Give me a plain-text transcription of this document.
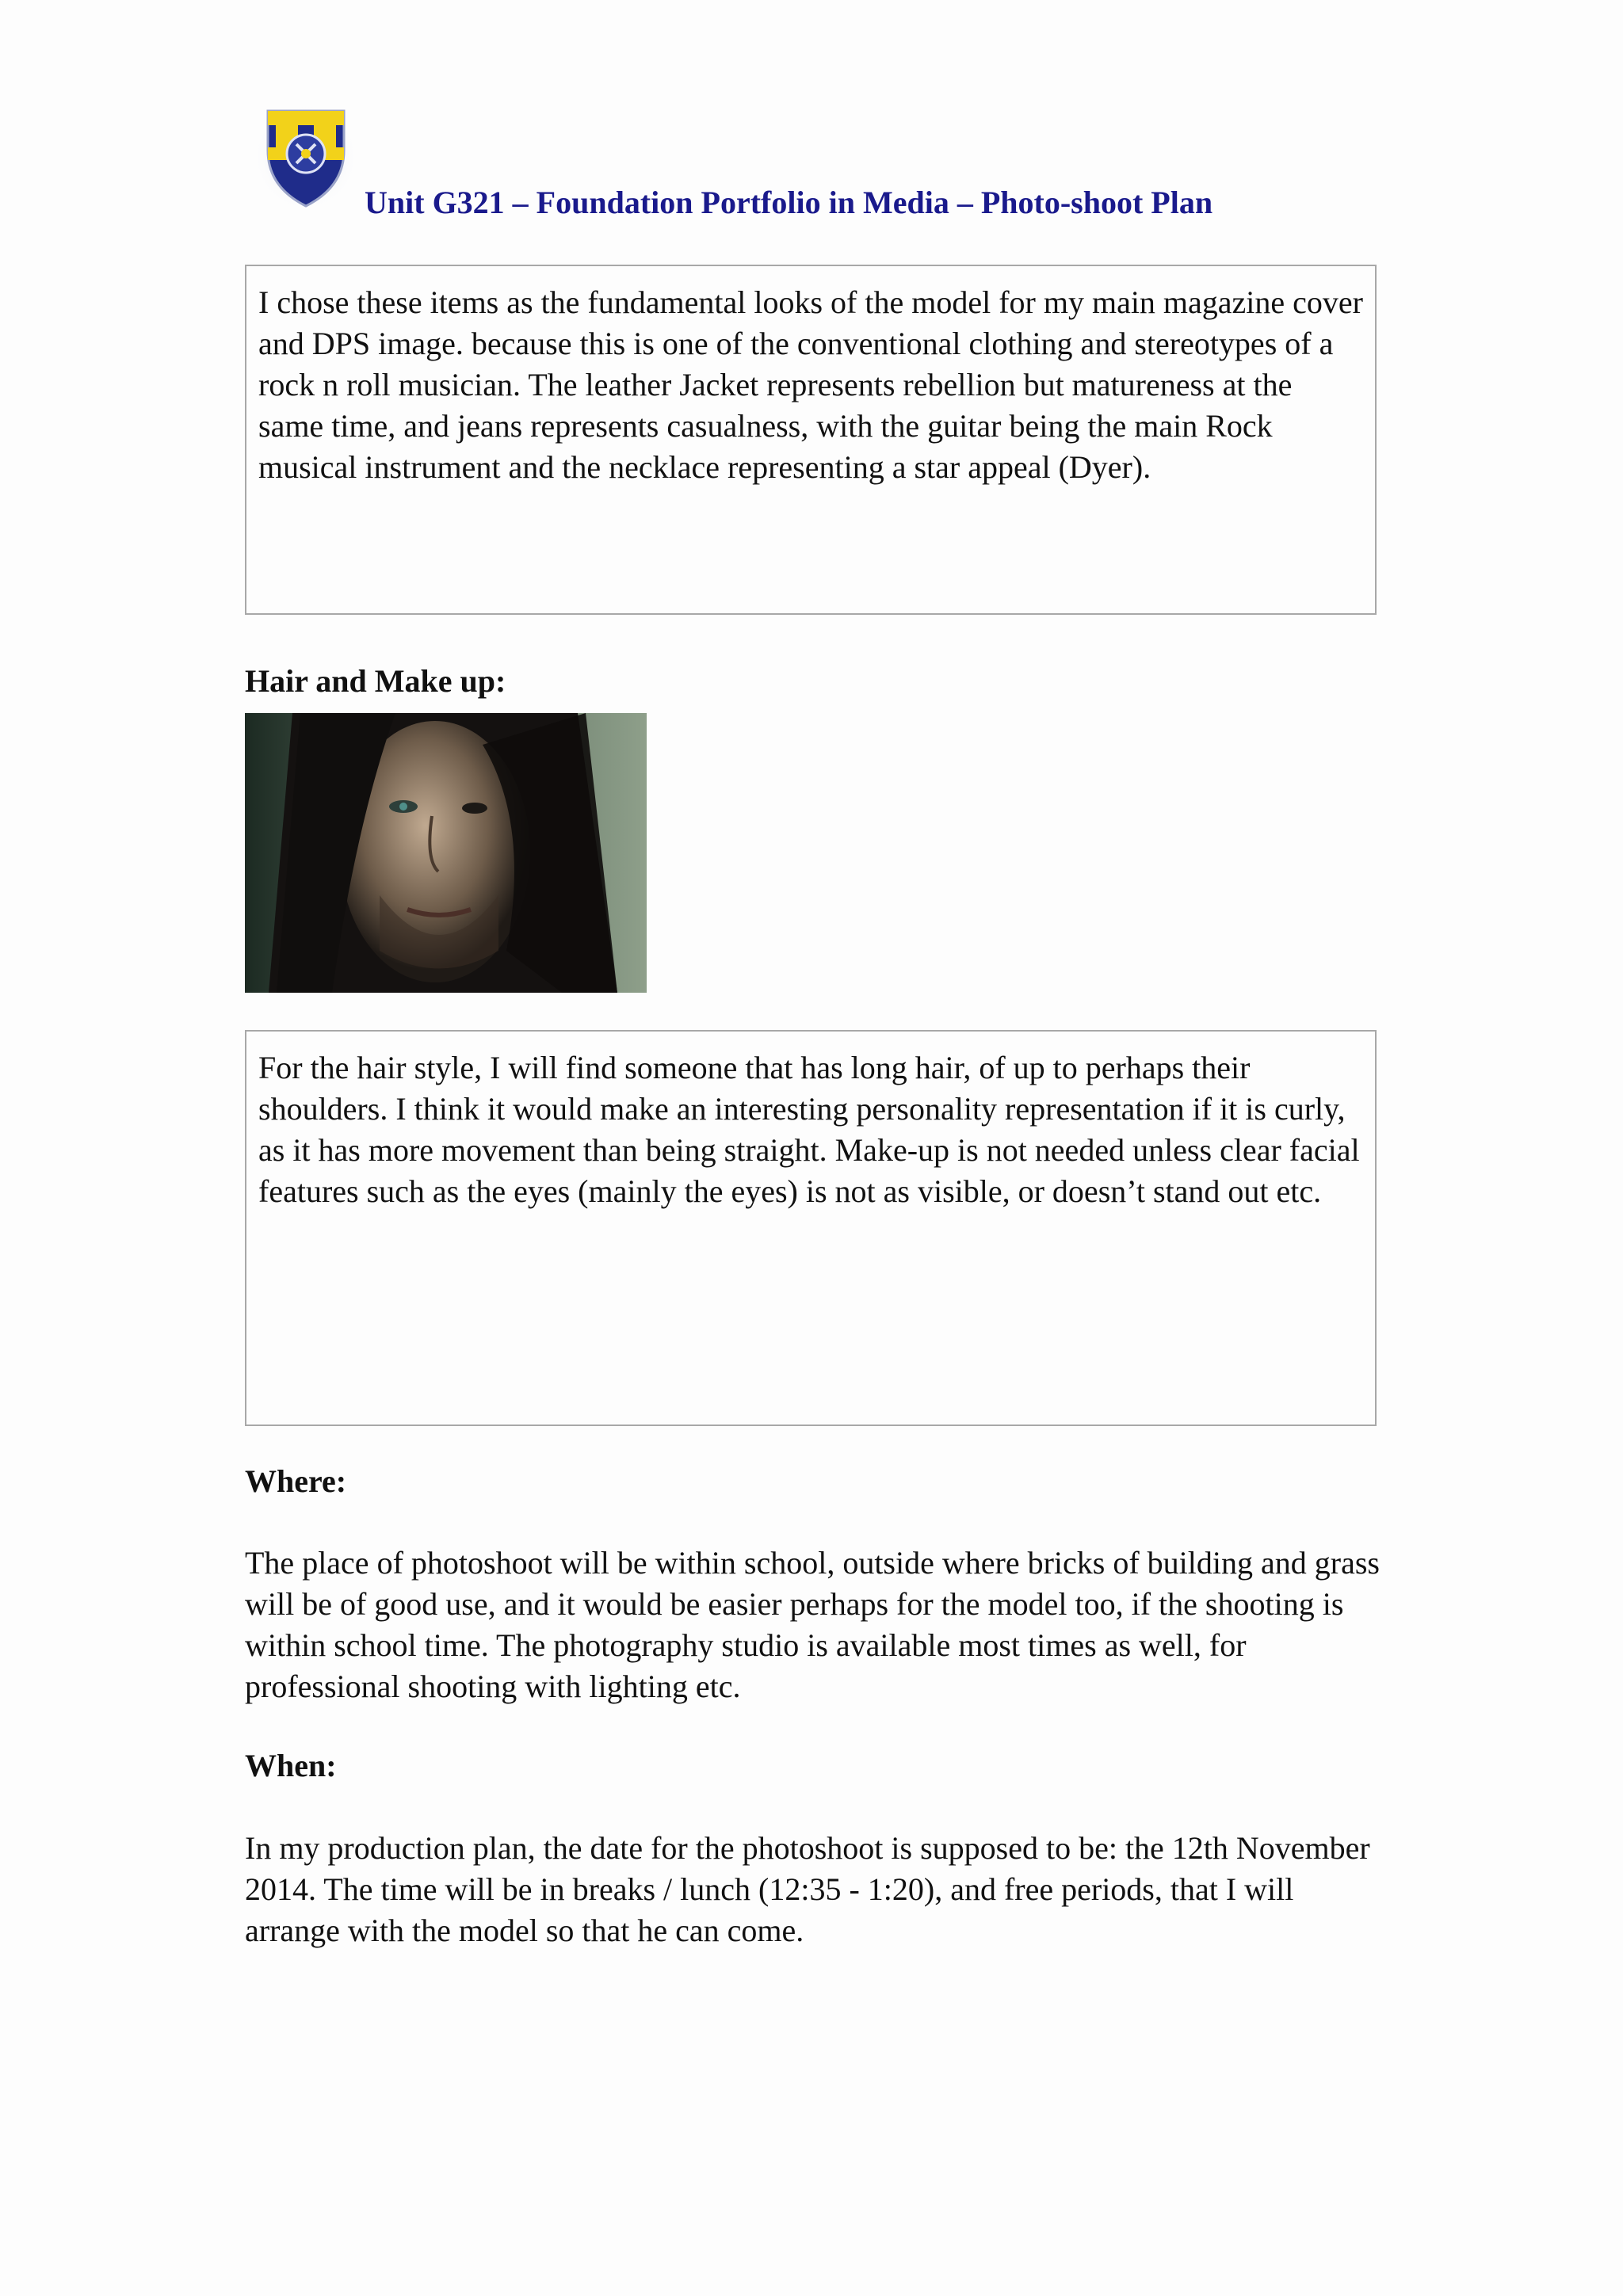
Unit G321 – Foundation Portfolio in Media – Photo-shoot Plan

I chose these items as the fundamental looks of the model for my main magazine cover and DPS image. because this is one of the conventional clothing and stereotypes of a rock n roll musician. The leather Jacket represents rebellion but matureness at the same time, and jeans represents casualness, with the guitar being the main Rock musical instrument and the necklace representing a star appeal (Dyer).

Hair and Make up:

For the hair style, I will find someone that has long hair, of up to perhaps their shoulders. I think it would make an interesting personality representation if it is curly, as it has more movement than being straight. Make-up is not needed unless clear facial features such as the eyes (mainly the eyes) is not as visible, or doesn’t stand out etc.

Where:

The place of photoshoot will be within school, outside where bricks of building and grass will be of good use, and it would be easier perhaps for the model too, if the shooting is within school time. The photography studio is available most times as well, for professional shooting with lighting etc.

When:

In my production plan, the date for the photoshoot is supposed to be: the 12th November 2014. The time will be in breaks / lunch (12:35 - 1:20), and free periods, that I will arrange with the model so that he can come.
